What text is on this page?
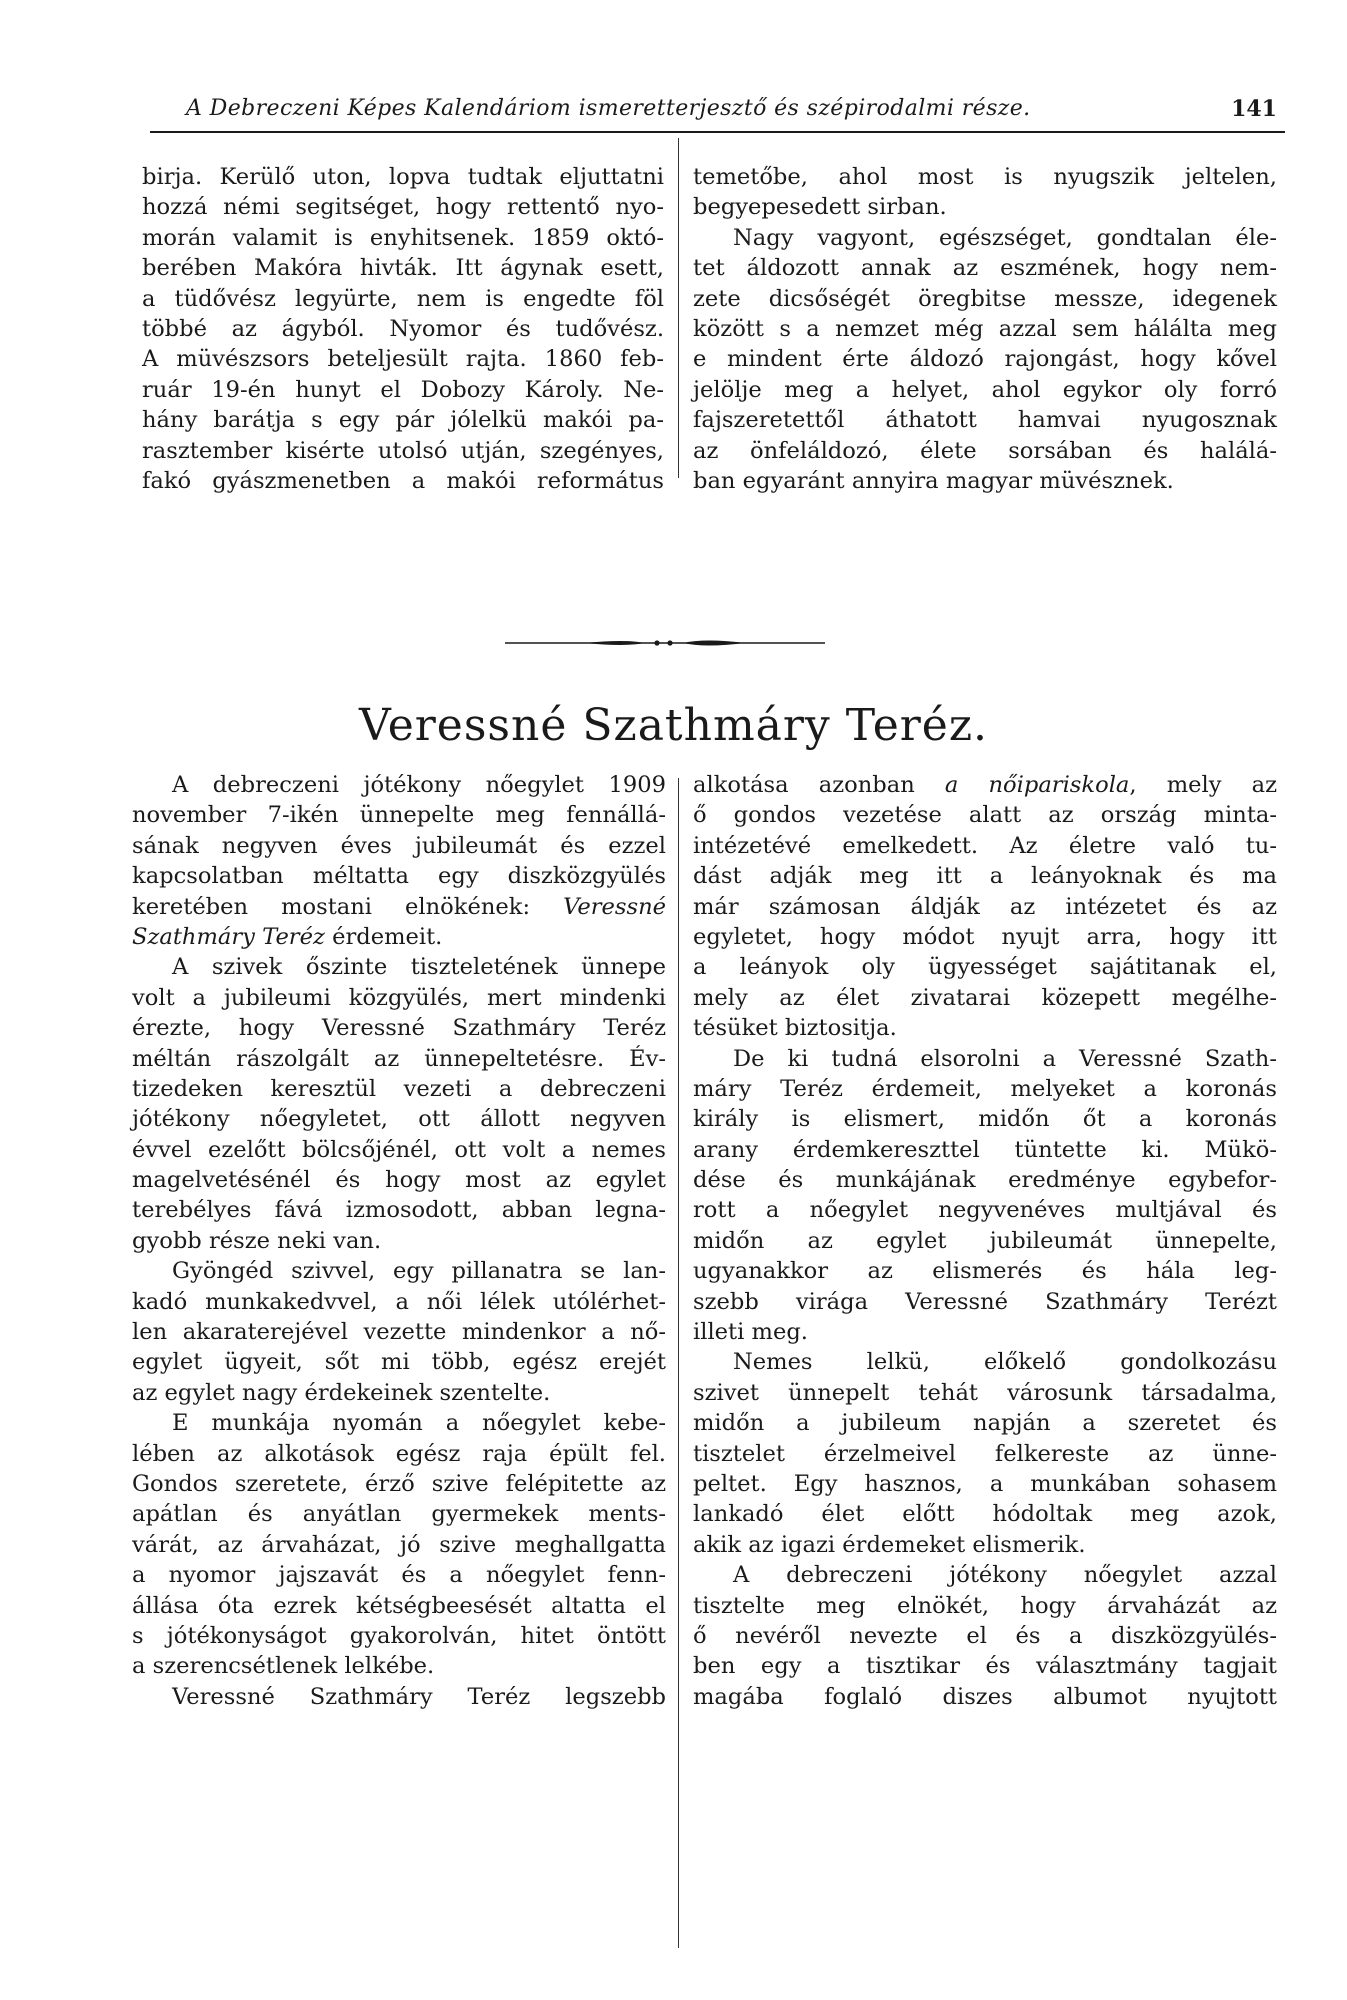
A Debreczeni Képes Kalendáriom ismeretterjesztő és szépirodalmi része.	141
birja. Kerülő uton, lopva tudtak eljuttatni
hozzá némi segitséget, hogy rettentő nyo-
morán valamit is enyhitsenek. 1859 októ-
berében Makóra hivták. Itt ágynak esett,
a tüdővész legyürte, nem is engedte föl
többé az ágyból. Nyomor és tudővész.
A müvészsors beteljesült rajta. 1860 feb-
ruár 19-én hunyt el Dobozy Károly. Ne-
hány barátja s egy pár jólelkü makói pa-
rasztember kisérte utolsó utján, szegényes,
fakó gyászmenetben a makói református
temetőbe, ahol most is nyugszik jeltelen,
begyepesedett sirban.
Nagy vagyont, egészséget, gondtalan éle-
tet áldozott annak az eszmének, hogy nem-
zete dicsőségét öregbitse messze, idegenek
között s a nemzet még azzal sem hálálta meg
e mindent érte áldozó rajongást, hogy kővel
jelölje meg a helyet, ahol egykor oly forró
fajszeretettől áthatott hamvai nyugosznak
az önfeláldozó, élete sorsában és halálá-
ban egyaránt annyira magyar müvésznek.
Veressné Szathmáry Teréz.
A debreczeni jótékony nőegylet 1909
november 7-ikén ünnepelte meg fennállá-
sának negyven éves jubileumát és ezzel
kapcsolatban méltatta egy diszközgyülés
keretében mostani elnökének: Veressné
Szathmáry Teréz érdemeit.
A szivek őszinte tiszteletének ünnepe
volt a jubileumi közgyülés, mert mindenki
érezte, hogy Veressné Szathmáry Teréz
méltán rászolgált az ünnepeltetésre. Év-
tizedeken keresztül vezeti a debreczeni
jótékony nőegyletet, ott állott negyven
évvel ezelőtt bölcsőjénél, ott volt a nemes
magelvetésénél és hogy most az egylet
terebélyes fává izmosodott, abban legna-
gyobb része neki van.
Gyöngéd szivvel, egy pillanatra se lan-
kadó munkakedvvel, a női lélek utólérhet-
len akaraterejével vezette mindenkor a nő-
egylet ügyeit, sőt mi több, egész erejét
az egylet nagy érdekeinek szentelte.
E munkája nyomán a nőegylet kebe-
lében az alkotások egész raja épült fel.
Gondos szeretete, érző szive felépitette az
apátlan és anyátlan gyermekek ments-
várát, az árvaházat, jó szive meghallgatta
a nyomor jajszavát és a nőegylet fenn-
állása óta ezrek kétségbeesését altatta el
s jótékonyságot gyakorolván, hitet öntött
a szerencsétlenek lelkébe.
Veressné Szathmáry Teréz legszebb
alkotása azonban a nőipariskola, mely az
ő gondos vezetése alatt az ország minta-
intézetévé emelkedett. Az életre való tu-
dást adják meg itt a leányoknak és ma
már számosan áldják az intézetet és az
egyletet, hogy módot nyujt arra, hogy itt
a leányok oly ügyességet sajátitanak el,
mely az élet zivatarai közepett megélhe-
tésüket biztositja.
De ki tudná elsorolni a Veressné Szath-
máry Teréz érdemeit, melyeket a koronás
király is elismert, midőn őt a koronás
arany érdemkereszttel tüntette ki. Mükö-
dése és munkájának eredménye egybefor-
rott a nőegylet negyvenéves multjával és
midőn az egylet jubileumát ünnepelte,
ugyanakkor az elismerés és hála leg-
szebb virága Veressné Szathmáry Terézt
illeti meg.
Nemes lelkü, előkelő gondolkozásu
szivet ünnepelt tehát városunk társadalma,
midőn a jubileum napján a szeretet és
tisztelet érzelmeivel felkereste az ünne-
peltet. Egy hasznos, a munkában sohasem
lankadó élet előtt hódoltak meg azok,
akik az igazi érdemeket elismerik.
A debreczeni jótékony nőegylet azzal
tisztelte meg elnökét, hogy árvaházát az
ő nevéről nevezte el és a diszközgyülés-
ben egy a tisztikar és választmány tagjait
magába foglaló diszes albumot nyujtott
